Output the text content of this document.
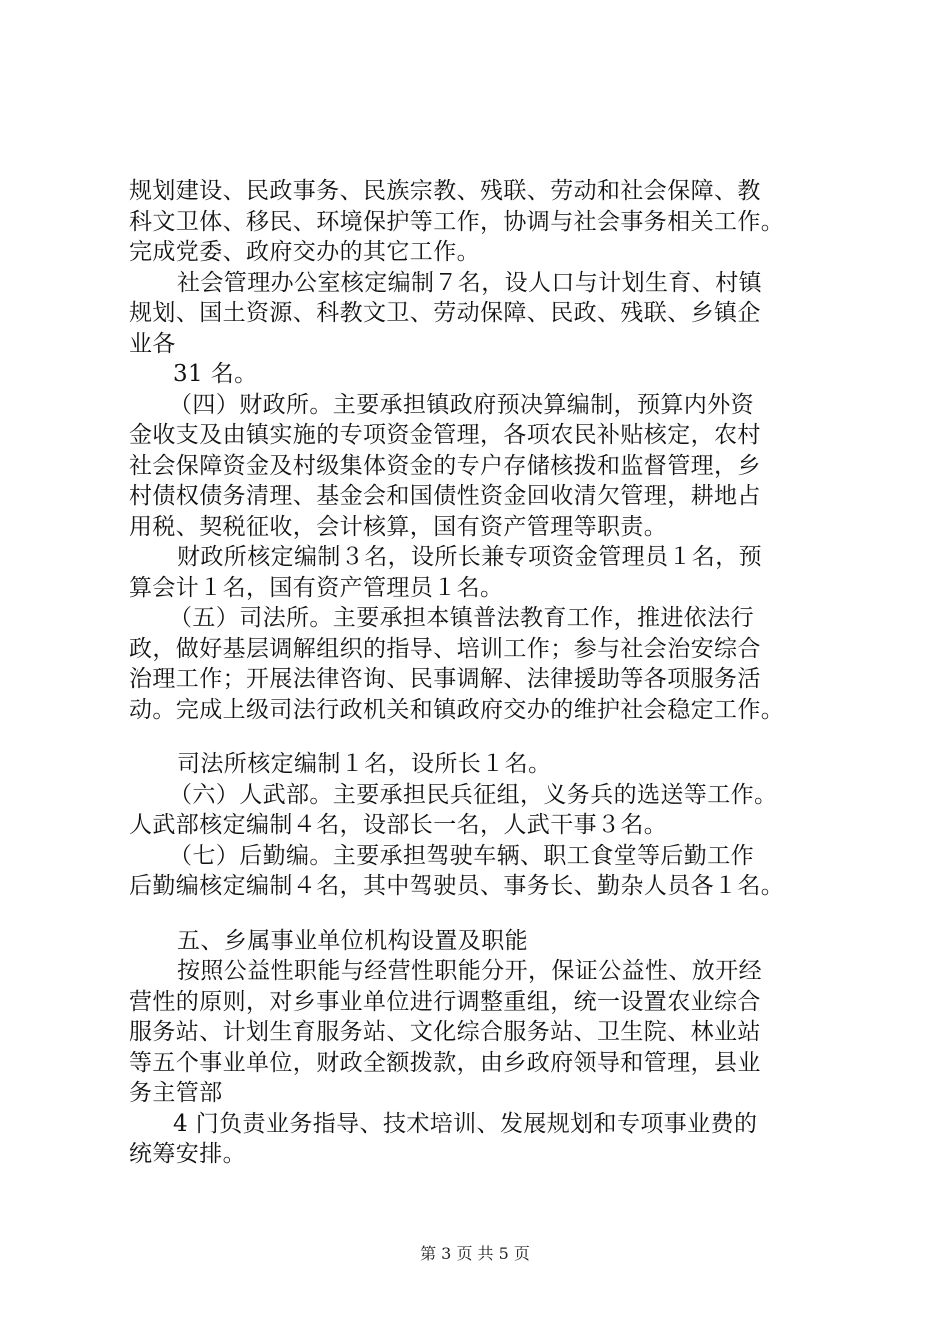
规划建设、民政事务、民族宗教、残联、劳动和社会保障、教
科文卫体、移民、环境保护等工作，协调与社会事务相关工作。
完成党委、政府交办的其它工作。
社会管理办公室核定编制７名，设人口与计划生育、村镇
规划、国土资源、科教文卫、劳动保障、民政、残联、乡镇企
业各
31 名。
（四）财政所。主要承担镇政府预决算编制，预算内外资
金收支及由镇实施的专项资金管理，各项农民补贴核定，农村
社会保障资金及村级集体资金的专户存储核拨和监督管理，乡
村债权债务清理、基金会和国债性资金回收清欠管理，耕地占
用税、契税征收，会计核算，国有资产管理等职责。
财政所核定编制３名，设所长兼专项资金管理员１名，预
算会计１名，国有资产管理员１名。
（五）司法所。主要承担本镇普法教育工作，推进依法行
政，做好基层调解组织的指导、培训工作；参与社会治安综合
治理工作；开展法律咨询、民事调解、法律援助等各项服务活
动。完成上级司法行政机关和镇政府交办的维护社会稳定工作。
司法所核定编制１名，设所长１名。
（六）人武部。主要承担民兵征组，义务兵的选送等工作。
人武部核定编制４名，设部长一名，人武干事３名。
（七）后勤编。主要承担驾驶车辆、职工食堂等后勤工作
后勤编核定编制４名，其中驾驶员、事务长、勤杂人员各１名。
五、乡属事业单位机构设置及职能
按照公益性职能与经营性职能分开，保证公益性、放开经
营性的原则，对乡事业单位进行调整重组，统一设置农业综合
服务站、计划生育服务站、文化综合服务站、卫生院、林业站
等五个事业单位，财政全额拨款，由乡政府领导和管理，县业
务主管部
4 门负责业务指导、技术培训、发展规划和专项事业费的
统筹安排。
第 3 页 共 5 页
